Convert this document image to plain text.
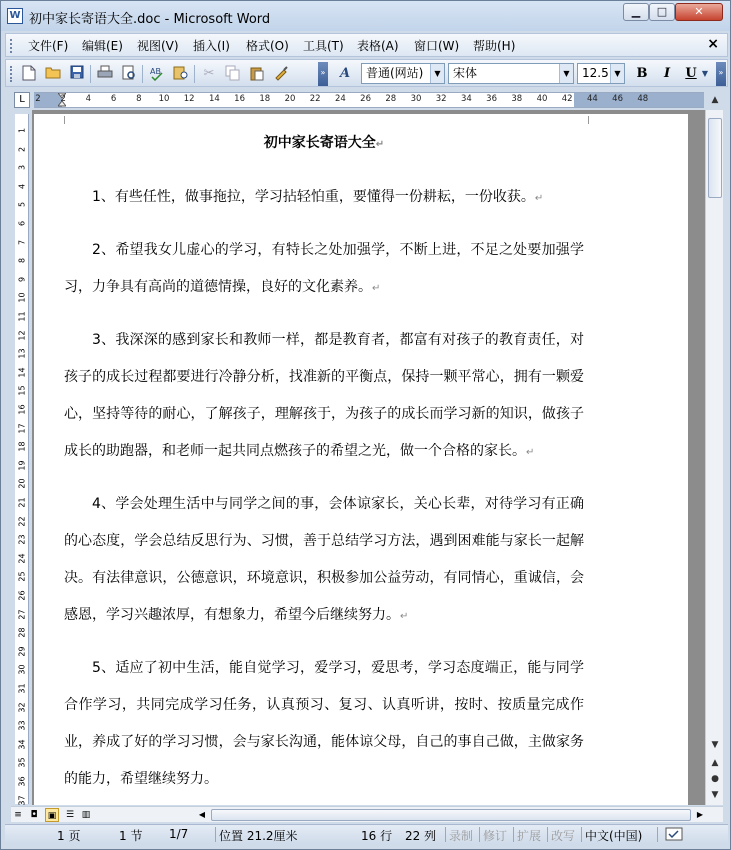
W 初中家长寄语大全.doc - Microsoft Word
▁	□	✕
文件(F) 编辑(E) 视图(V) 插入(I) 格式(O) 工具(T) 表格(A) 窗口(W) 帮助(H)	×
AB	✂	»	A	普通(网站)	▼	宋体	▼	12.5 ▼ B	I	U ▼	»
L	2 2 4 6 8 10 12 14 16 18 20 22 24 26 28 30 32 34 36 38 40 42 44 46 48
1
2
3
4
5
6
7
8
9
10
11
12
13
14
15
16
17
18
19
20
21
22
23
24
25
26
27
28
29
30
31
32
33
34
35
36
37
初中家长寄语大全↵
1、有些任性，做事拖拉，学习拈轻怕重，要懂得一份耕耘，一份收获。↵
2、希望我女儿虚心的学习，有特长之处加强学，不断上进，不足之处要加强学习，力争具有高尚的道德情操，良好的文化素养。↵
3、我深深的感到家长和教师一样，都是教育者，都富有对孩子的教育责任，对孩子的成长过程都要进行冷静分析，找准新的平衡点，保持一颗平常心，拥有一颗爱心，坚持等待的耐心，了解孩子，理解孩于，为孩子的成长而学习新的知识，做孩子成长的助跑器，和老师一起共同点燃孩子的希望之光，做一个合格的家长。↵
4、学会处理生活中与同学之间的事，会体谅家长，关心长辈，对待学习有正确的心态度，学会总结反思行为、习惯，善于总结学习方法，遇到困难能与家长一起解决。有法律意识，公德意识，环境意识，积极参加公益劳动，有同情心，重诚信，会感恩，学习兴趣浓厚，有想象力，希望今后继续努力。↵
5、适应了初中生活，能自觉学习，爱学习，爱思考，学习态度端正，能与同学合作学习，共同完成学习任务，认真预习、复习、认真听讲，按时、按质量完成作业，养成了好的学习习惯，会与家长沟通，能体谅父母，自己的事自己做，主做家务的能力，希望继续努力。
▲
▼
▲
●
▼
≡ ◘	▣	☰ ▥	◀	▶
1 页	1 节 1/7	位置 21.2厘米	16 行 22 列 录制 修订 扩展 改写 中文(中国)
